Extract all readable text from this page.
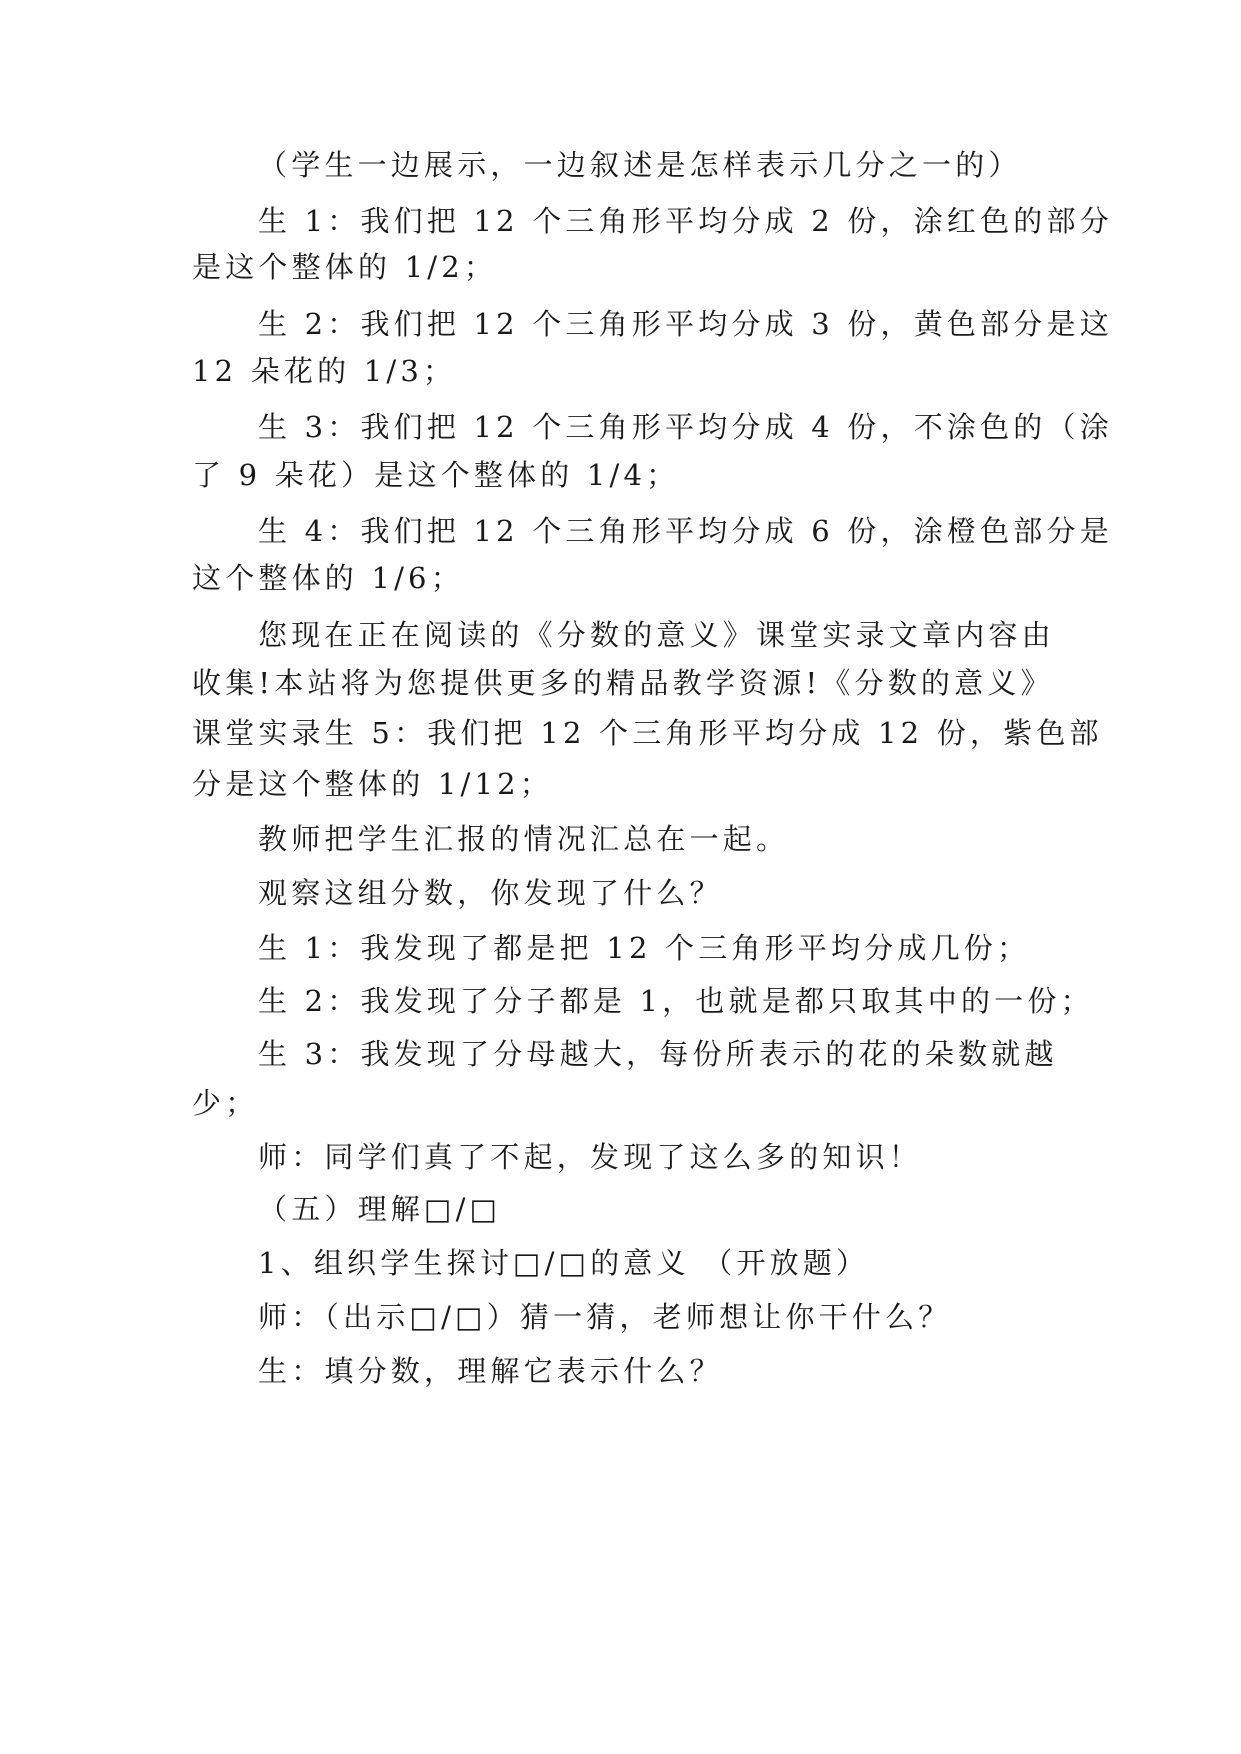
（学生一边展示，一边叙述是怎样表示几分之一的）
生 1：我们把 12 个三角形平均分成 2 份，涂红色的部分
是这个整体的 1/2；
生 2：我们把 12 个三角形平均分成 3 份，黄色部分是这
12 朵花的 1/3；
生 3：我们把 12 个三角形平均分成 4 份，不涂色的（涂
了 9 朵花）是这个整体的 1/4；
生 4：我们把 12 个三角形平均分成 6 份，涂橙色部分是
这个整体的 1/6；
您现在正在阅读的《分数的意义》课堂实录文章内容由
收集!本站将为您提供更多的精品教学资源!《分数的意义》
课堂实录生 5：我们把 12 个三角形平均分成 12 份，紫色部
分是这个整体的 1/12；
教师把学生汇报的情况汇总在一起。
观察这组分数，你发现了什么？
生 1：我发现了都是把 12 个三角形平均分成几份；
生 2：我发现了分子都是 1，也就是都只取其中的一份；
生 3：我发现了分母越大，每份所表示的花的朵数就越
少；
师：同学们真了不起，发现了这么多的知识！
（五）理解□/□
1、组织学生探讨□/□的意义 （开放题）
师：（出示□/□）猜一猜，老师想让你干什么？
生：填分数，理解它表示什么？
